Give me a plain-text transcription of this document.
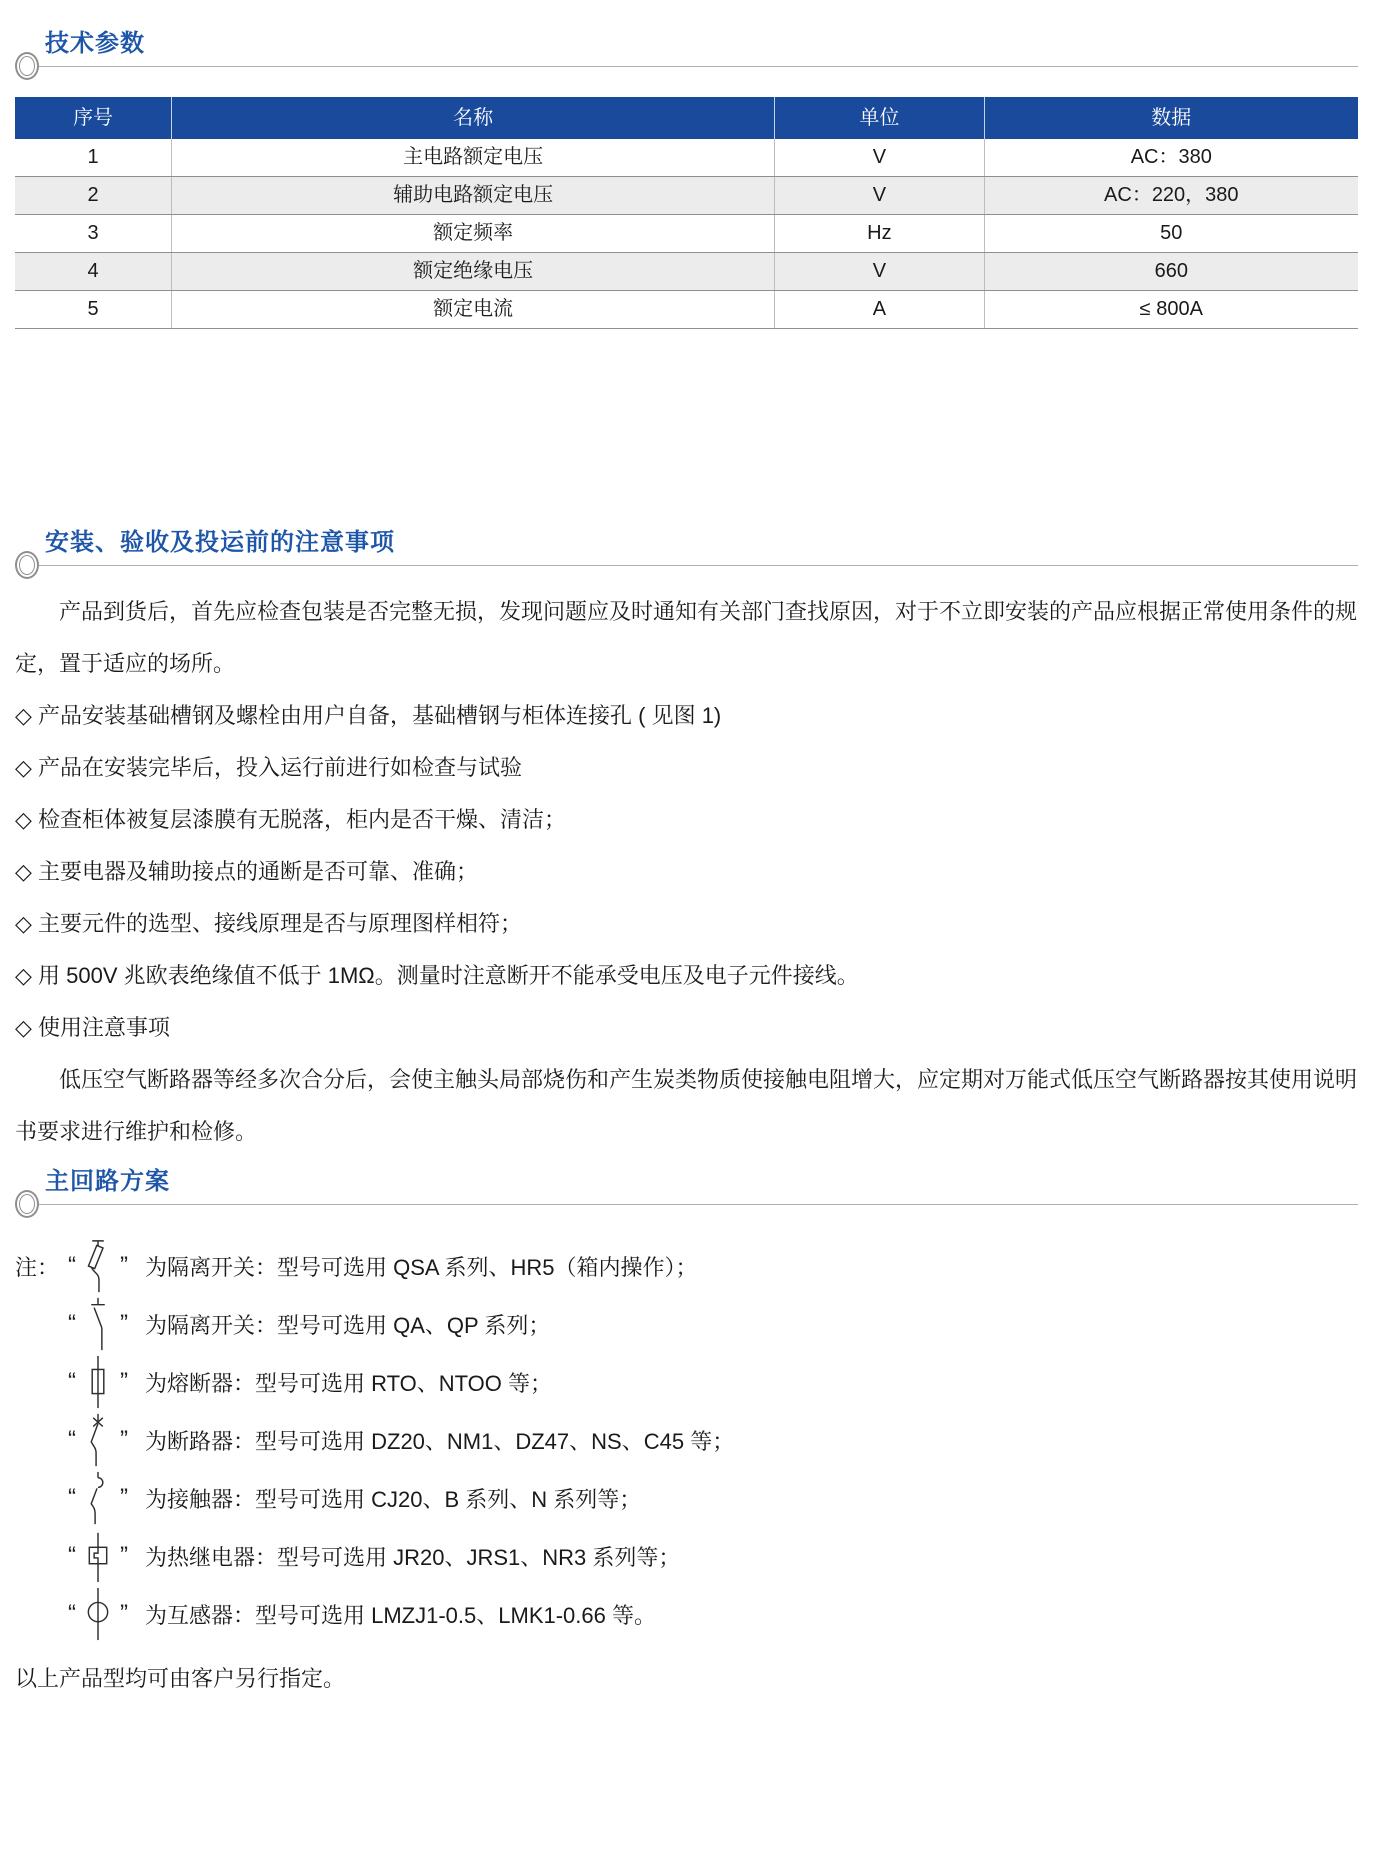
技术参数
序号	名称	单位	数据
1	主电路额定电压	V	AC：380
2	辅助电路额定电压	V	AC：220，380
3	额定频率	Hz	50
4	额定绝缘电压	V	660
5	额定电流	A	≤ 800A
安装、验收及投运前的注意事项
产品到货后，首先应检查包装是否完整无损，发现问题应及时通知有关部门查找原因，对于不立即安装的产品应根据正常使用条件的规定，置于适应的场所。
◇ 产品安装基础槽钢及螺栓由用户自备，基础槽钢与柜体连接孔 ( 见图 1)
◇ 产品在安装完毕后，投入运行前进行如检查与试验
◇ 检查柜体被复层漆膜有无脱落，柜内是否干燥、清洁；
◇ 主要电器及辅助接点的通断是否可靠、准确；
◇ 主要元件的选型、接线原理是否与原理图样相符；
◇ 用 500V 兆欧表绝缘值不低于 1MΩ。测量时注意断开不能承受电压及电子元件接线。
◇ 使用注意事项
低压空气断路器等经多次合分后，会使主触头局部烧伤和产生炭类物质使接触电阻增大，应定期对万能式低压空气断路器按其使用说明书要求进行维护和检修。
主回路方案
注： “ ” 为隔离开关：型号可选用 QSA 系列、HR5（箱内操作）；
“ ” 为隔离开关：型号可选用 QA、QP 系列；
“ ” 为熔断器：型号可选用 RTO、NTOO 等；
“ ” 为断路器：型号可选用 DZ20、NM1、DZ47、NS、C45 等；
“ ” 为接触器：型号可选用 CJ20、B 系列、N 系列等；
“ ” 为热继电器：型号可选用 JR20、JRS1、NR3 系列等；
“ ” 为互感器：型号可选用 LMZJ1-0.5、LMK1-0.66 等。
以上产品型均可由客户另行指定。
